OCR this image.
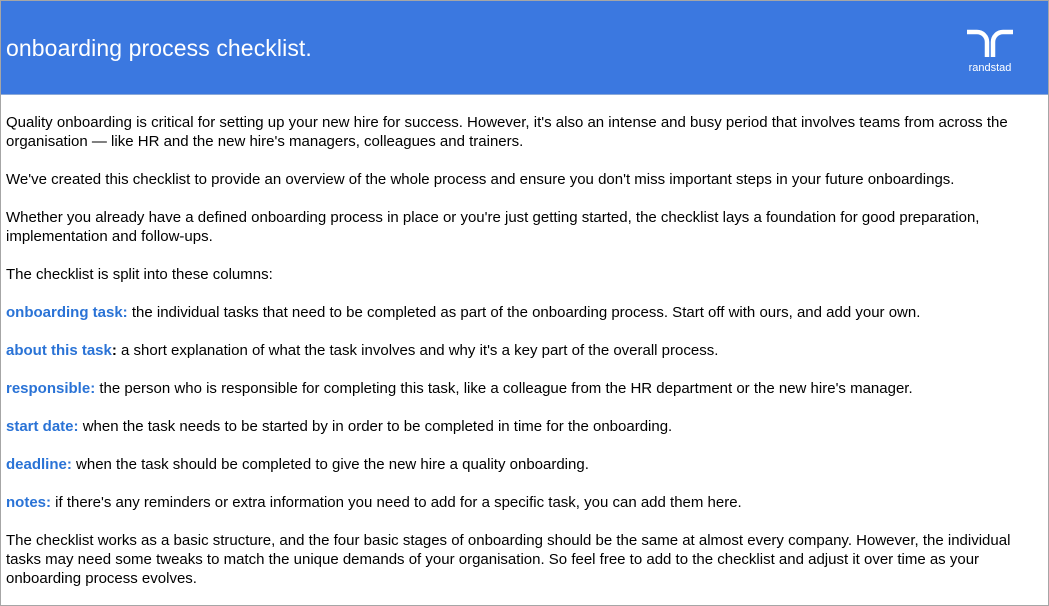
onboarding process checklist.
randstad

Quality onboarding is critical for setting up your new hire for success. However, it's also an intense and busy period that involves teams from across the organisation — like HR and the new hire's managers, colleagues and trainers.

We've created this checklist to provide an overview of the whole process and ensure you don't miss important steps in your future onboardings.

Whether you already have a defined onboarding process in place or you're just getting started, the checklist lays a foundation for good preparation, implementation and follow-ups.

The checklist is split into these columns:

onboarding task: the individual tasks that need to be completed as part of the onboarding process. Start off with ours, and add your own.

about this task: a short explanation of what the task involves and why it's a key part of the overall process.

responsible: the person who is responsible for completing this task, like a colleague from the HR department or the new hire's manager.

start date: when the task needs to be started by in order to be completed in time for the onboarding.

deadline: when the task should be completed to give the new hire a quality onboarding.

notes: if there's any reminders or extra information you need to add for a specific task, you can add them here.

The checklist works as a basic structure, and the four basic stages of onboarding should be the same at almost every company. However, the individual tasks may need some tweaks to match the unique demands of your organisation. So feel free to add to the checklist and adjust it over time as your onboarding process evolves.
